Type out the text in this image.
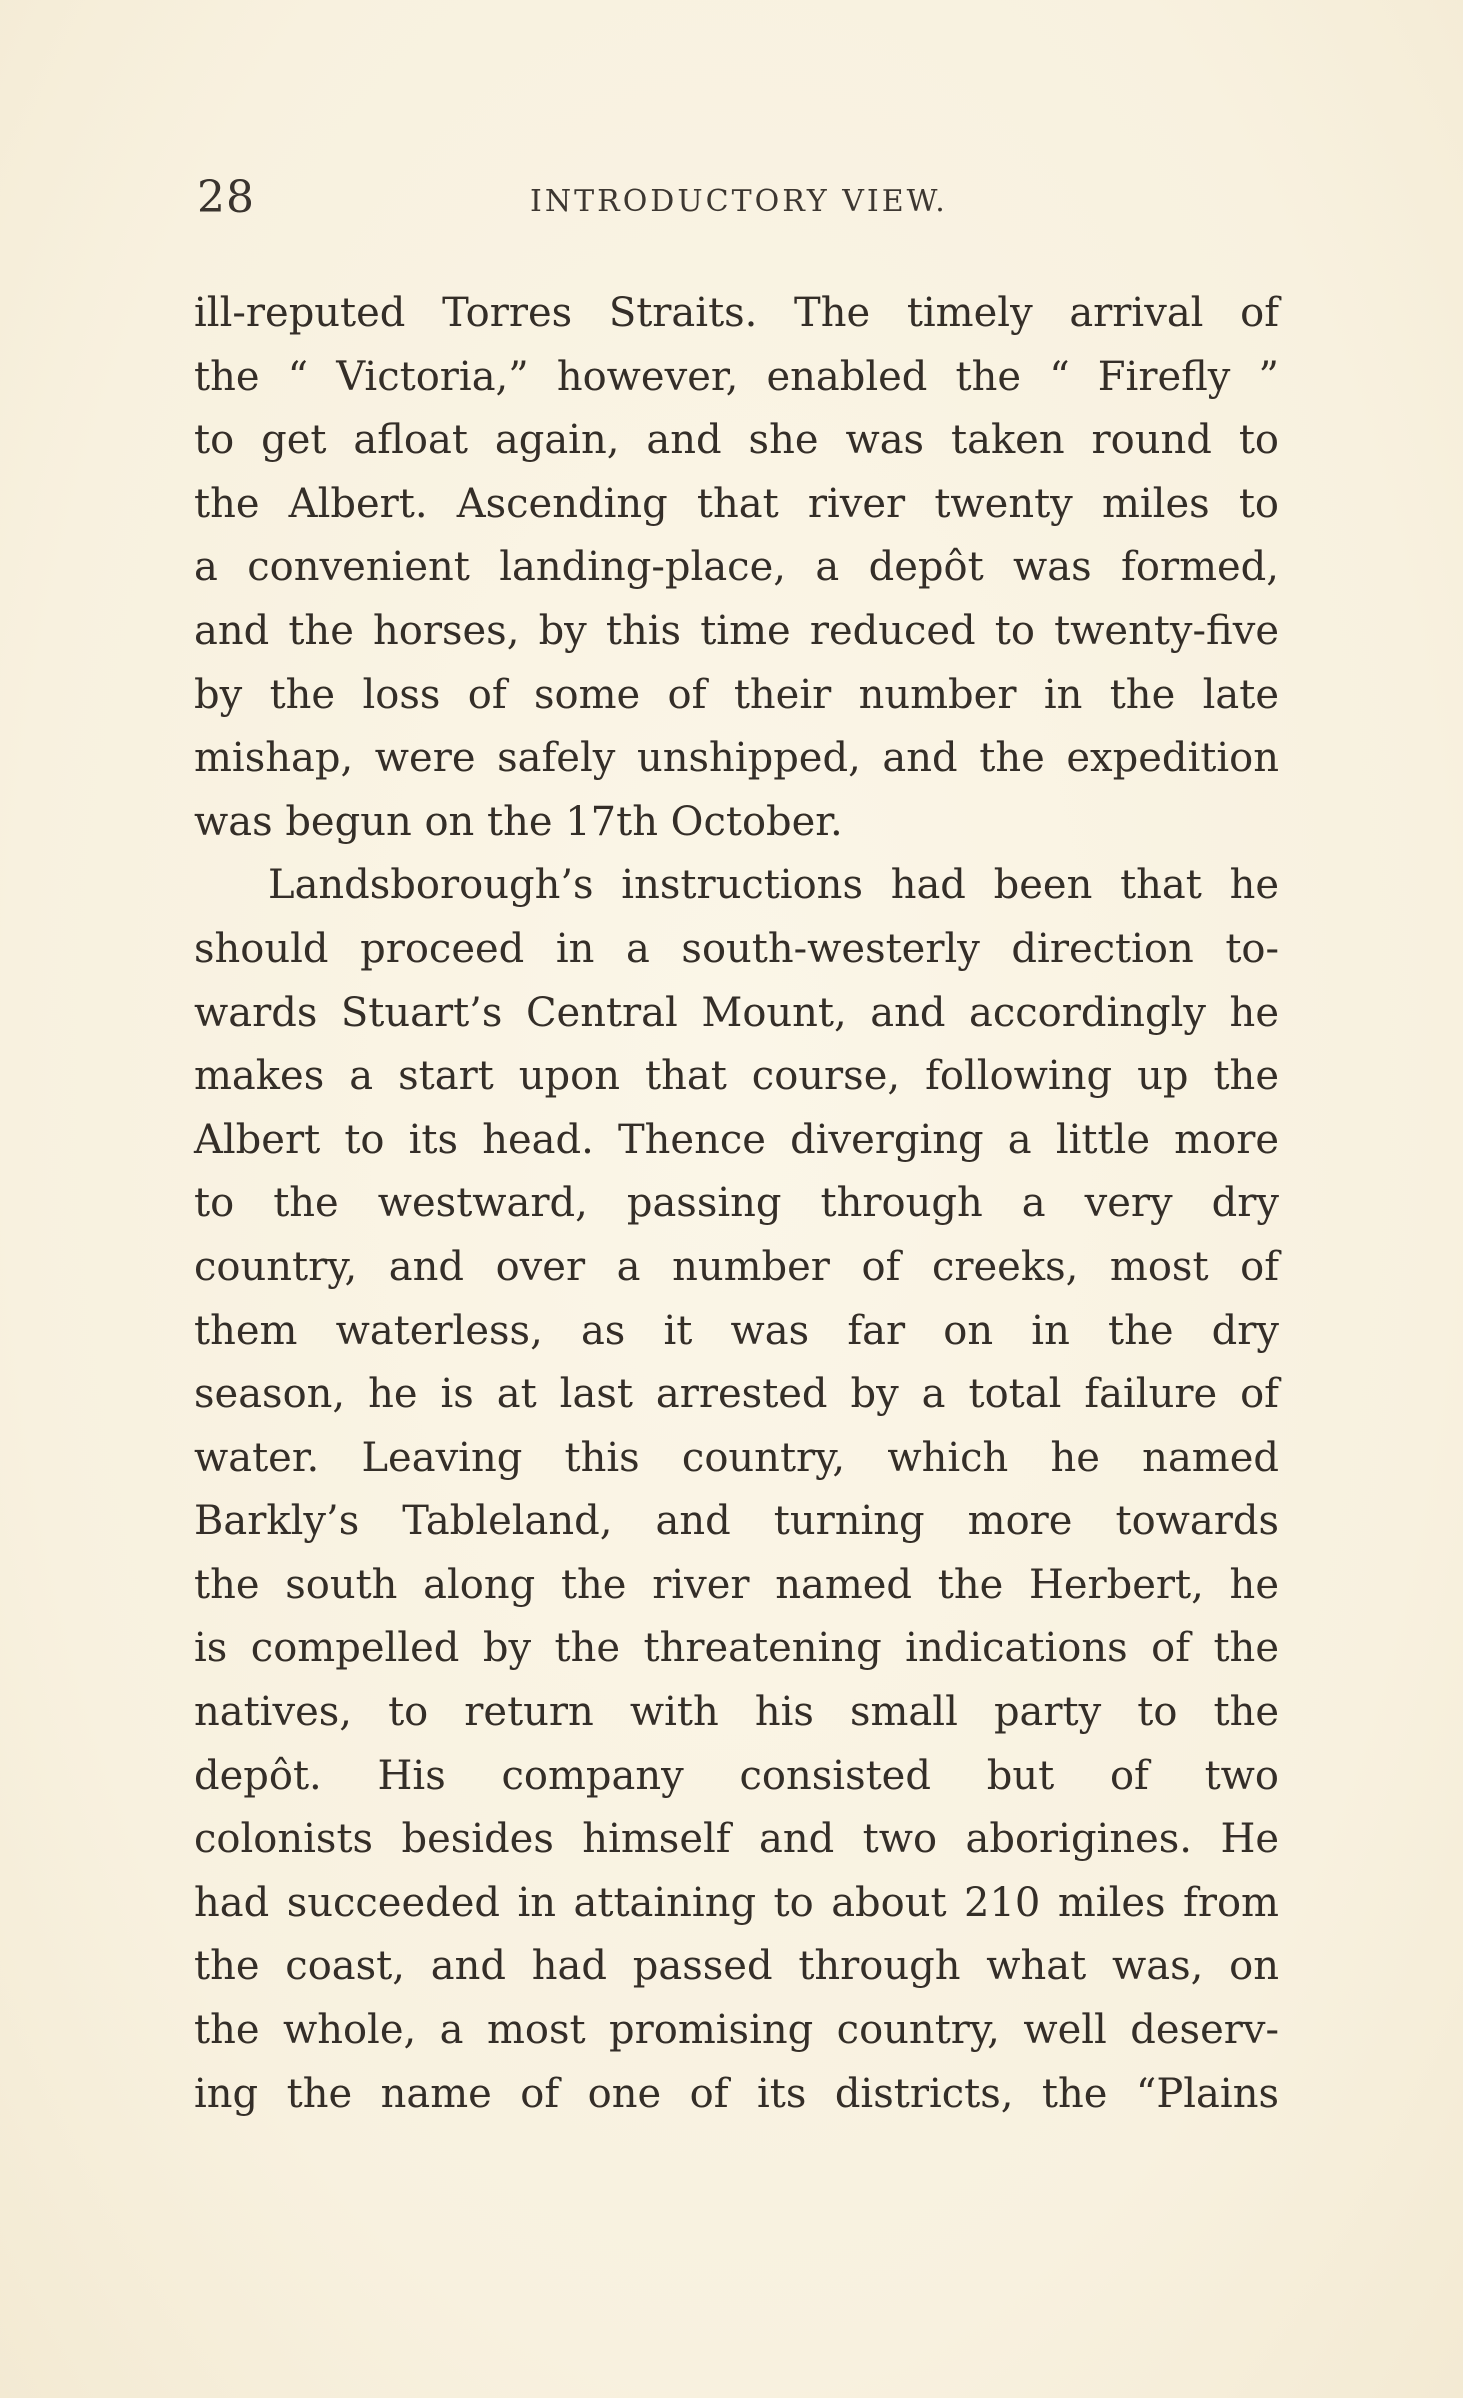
28	INTRODUCTORY VIEW.
ill-reputed Torres Straits. The timely arrival of
the “ Victoria,” however, enabled the “ Firefly ”
to get afloat again, and she was taken round to
the Albert. Ascending that river twenty miles to
a convenient landing-place, a depôt was formed,
and the horses, by this time reduced to twenty-five
by the loss of some of their number in the late
mishap, were safely unshipped, and the expedition
was begun on the 17th October.
Landsborough’s instructions had been that he
should proceed in a south-westerly direction to-
wards Stuart’s Central Mount, and accordingly he
makes a start upon that course, following up the
Albert to its head. Thence diverging a little more
to the westward, passing through a very dry
country, and over a number of creeks, most of
them waterless, as it was far on in the dry
season, he is at last arrested by a total failure of
water. Leaving this country, which he named
Barkly’s Tableland, and turning more towards
the south along the river named the Herbert, he
is compelled by the threatening indications of the
natives, to return with his small party to the
depôt. His company consisted but of two
colonists besides himself and two aborigines. He
had succeeded in attaining to about 210 miles from
the coast, and had passed through what was, on
the whole, a most promising country, well deserv-
ing the name of one of its districts, the “Plains
